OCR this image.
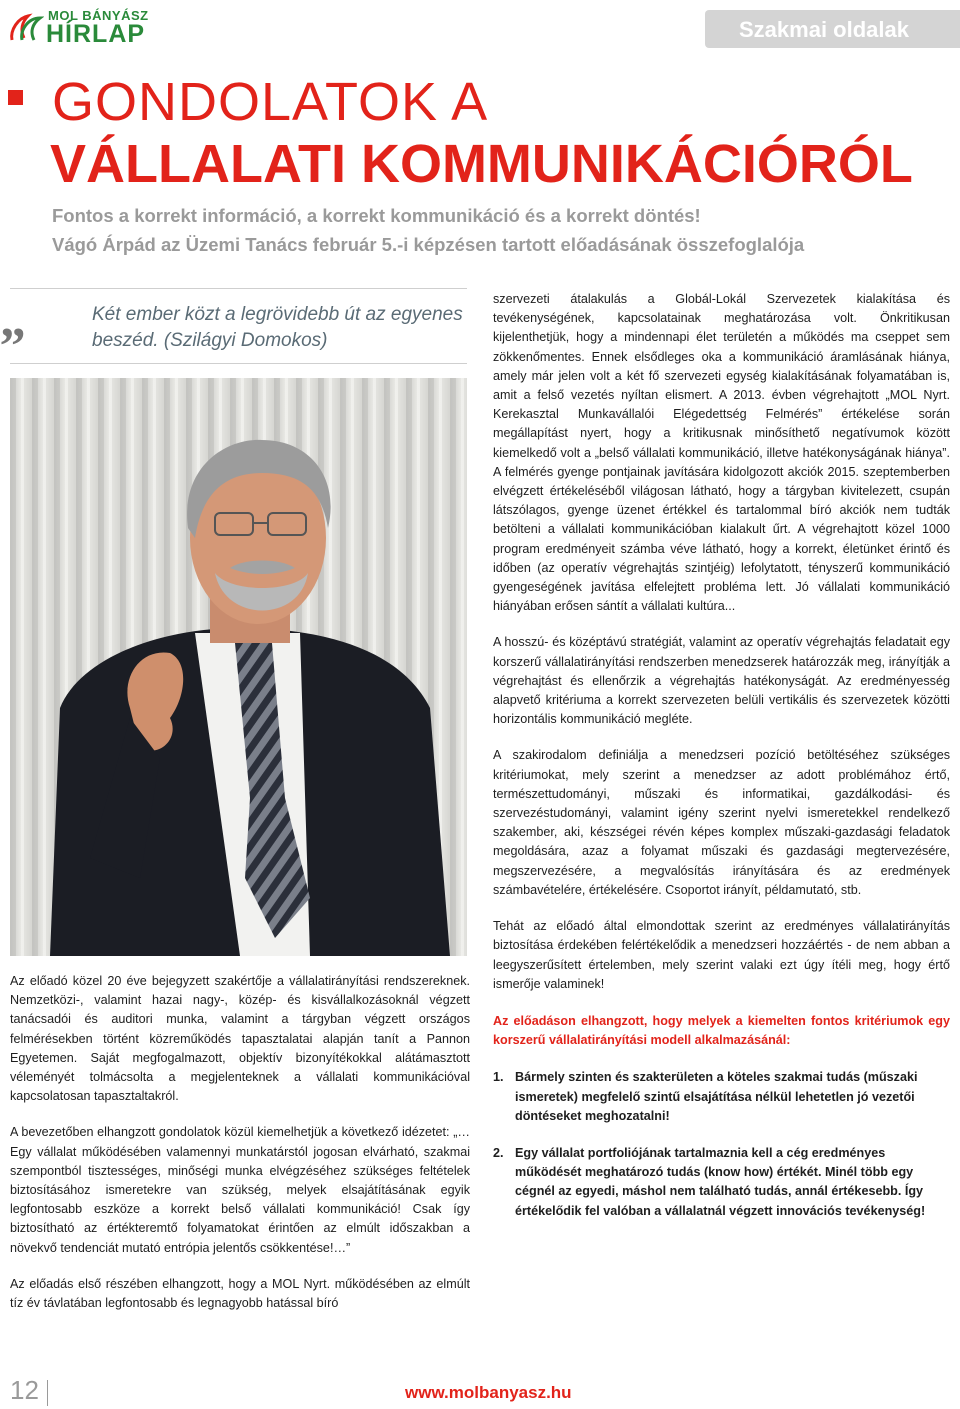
MOL BÁNYÁSZ
HÍRLAP	Szakmai oldalak
GONDOLATOK A
VÁLLALATI KOMMUNIKÁCIÓRÓL
Fontos a korrekt információ, a korrekt kommunikáció és a korrekt döntés!
Vágó Árpád az Üzemi Tanács február 5.-i képzésen tartott előadásának összefoglalója
„	Két ember közt a legrövidebb út az egyenes beszéd. (Szilágyi Domokos)

szervezeti átalakulás a Globál-Lokál Szervezetek kialakítása és tevékenységének, kapcsolatainak meghatározása volt. Önkritikusan kijelenthetjük, hogy a mindennapi élet területén a működés ma cseppet sem zökkenőmentes. Ennek elsődleges oka a kommunikáció áramlásának hiánya, amely már jelen volt a két fő szervezeti egység kialakításának folyamatában is, amit a felső vezetés nyíltan elismert. A 2013. évben végrehajtott „MOL Nyrt. Kerekasztal Munkavállalói Elégedettség Felmérés” értékelése során megállapítást nyert, hogy a kritikusnak minősíthető negatívumok között kiemelkedő volt a „belső vállalati kommunikáció, illetve hatékonyságának hiánya”. A felmérés gyenge pontjainak javítására kidolgozott akciók 2015. szeptemberben elvégzett értékeléséből világosan látható, hogy a tárgyban kivitelezett, csupán látszólagos, gyenge üzenet értékkel és tartalommal bíró akciók nem tudták betölteni a vállalati kommunikációban kialakult űrt. A végrehajtott közel 1000 program eredményeit számba véve látható, hogy a korrekt, életünket érintő és időben (az operatív végrehajtás szintjéig) lefolytatott, tényszerű kommunikáció gyengeségének javítása elfelejtett probléma lett. Jó vállalati kommunikáció hiányában erősen sántít a vállalati kultúra...

A hosszú- és középtávú stratégiát, valamint az operatív végrehajtás feladatait egy korszerű vállalatirányítási rendszerben menedzserek határozzák meg, irányítják a végrehajtást és ellenőrzik a végrehajtás hatékonyságát. Az eredményesség alapvető kritériuma a korrekt szervezeten belüli vertikális és szervezetek közötti horizontális kommunikáció megléte.

A szakirodalom definiálja a menedzseri pozíció betöltéséhez szükséges kritériumokat, mely szerint a menedzser az adott problémához értő, természettudományi, műszaki és informatikai, gazdálkodási- és szervezéstudományi, valamint igény szerint nyelvi ismeretekkel rendelkező szakember, aki, készségei révén képes komplex műszaki-gazdasági feladatok megoldására, azaz a folyamat műszaki és gazdasági megtervezésére, megszervezésére, a megvalósítás irányítására és az eredmények számbavételére, értékelésére. Csoportot irányít, példamutató, stb.

Tehát az előadó által elmondottak szerint az eredményes vállalatirányítás biztosítása érdekében felértékelődik a menedzseri hozzáértés - de nem abban a leegyszerűsített értelemben, mely szerint valaki ezt úgy ítéli meg, hogy értő ismerője valaminek!

Az előadáson elhangzott, hogy melyek a kiemelten fontos kritériumok egy korszerű vállalatirányítási modell alkalmazásánál:

1. Bármely szinten és szakterületen a köteles szakmai tudás (műszaki ismeretek) megfelelő szintű elsajátítása nélkül lehetetlen jó vezetői döntéseket meghozatalni!
2. Egy vállalat portfoliójának tartalmaznia kell a cég eredményes működését meghatározó tudás (know how) értékét. Minél több egy cégnél az egyedi, máshol nem található tudás, annál értékesebb. Így értékelődik fel valóban a vállalatnál végzett innovációs tevékenység!

Az előadó közel 20 éve bejegyzett szakértője a vállalatirányítási rendszereknek. Nemzetközi-, valamint hazai nagy-, közép- és kisvállalkozásoknál végzett tanácsadói és auditori munka, valamint a tárgyban végzett országos felmérésekben történt közreműködés tapasztalatai alapján tanít a Pannon Egyetemen. Saját megfogalmazott, objektív bizonyítékokkal alátámasztott véleményét tolmácsolta a megjelenteknek a vállalati kommunikációval kapcsolatosan tapasztaltakról.

A bevezetőben elhangzott gondolatok közül kiemelhetjük a következő idézetet: „…Egy vállalat működésében valamennyi munkatárstól jogosan elvárható, szakmai szempontból tisztességes, minőségi munka elvégzéséhez szükséges feltételek biztosításához ismeretekre van szükség, melyek elsajátításának egyik legfontosabb eszköze a korrekt belső vállalati kommunikáció! Csak így biztosítható az értékteremtő folyamatokat érintően az elmúlt időszakban a növekvő tendenciát mutató entrópia jelentős csökkentése!…”

Az előadás első részében elhangzott, hogy a MOL Nyrt. működésében az elmúlt tíz év távlatában legfontosabb és legnagyobb hatással bíró

12	www.molbanyasz.hu
